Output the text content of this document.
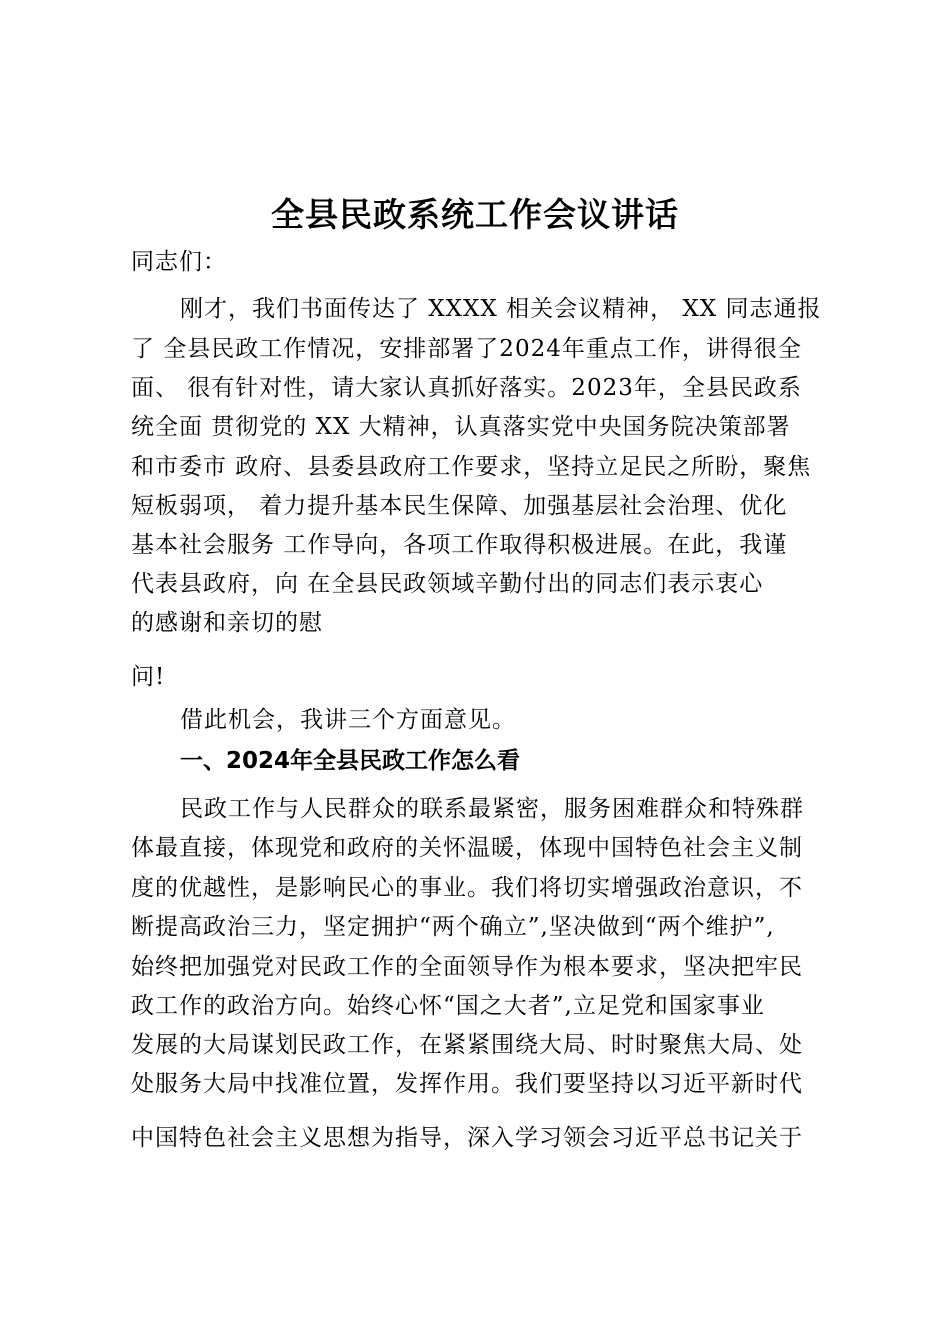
全县民政系统工作会议讲话
同志们：
刚才，我们书面传达了 XXXX 相关会议精神， XX 同志通报
了 全县民政工作情况，安排部署了2024年重点工作，讲得很全
面、 很有针对性，请大家认真抓好落实。2023年，全县民政系
统全面 贯彻党的 XX 大精神，认真落实党中央国务院决策部署
和市委市 政府、县委县政府工作要求，坚持立足民之所盼，聚焦
短板弱项， 着力提升基本民生保障、加强基层社会治理、优化
基本社会服务 工作导向，各项工作取得积极进展。在此，我谨
代表县政府，向 在全县民政领域辛勤付出的同志们表示衷心
的感谢和亲切的慰
问!
借此机会，我讲三个方面意见。
一、2024年全县民政工作怎么看
民政工作与人民群众的联系最紧密，服务困难群众和特殊群
体最直接，体现党和政府的关怀温暖，体现中国特色社会主义制
度的优越性，是影响民心的事业。我们将切实增强政治意识，不
断提高政治三力，坚定拥护“两个确立”,坚决做到“两个维护”,
始终把加强党对民政工作的全面领导作为根本要求，坚决把牢民
政工作的政治方向。始终心怀“国之大者”,立足党和国家事业
发展的大局谋划民政工作，在紧紧围绕大局、时时聚焦大局、处
处服务大局中找准位置，发挥作用。我们要坚持以习近平新时代
中国特色社会主义思想为指导，深入学习领会习近平总书记关于
